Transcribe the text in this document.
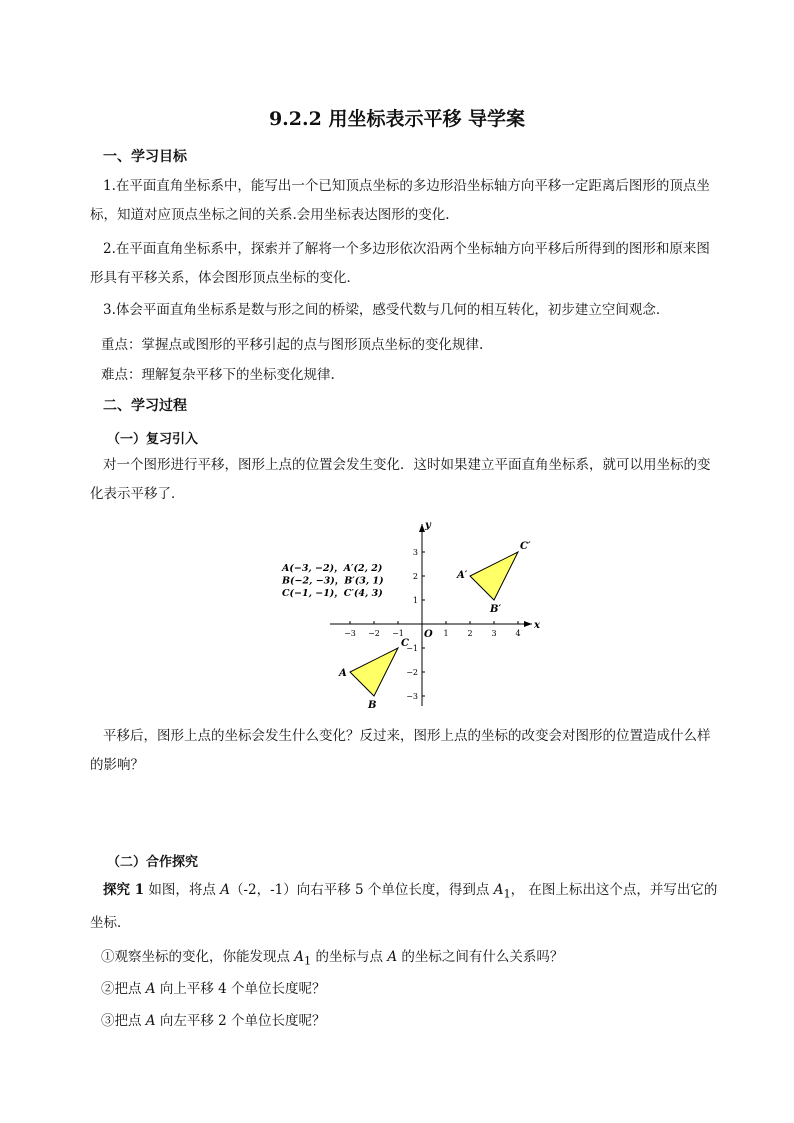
9.2.2 用坐标表示平移 导学案
一、学习目标
1.在平面直角坐标系中，能写出一个已知顶点坐标的多边形沿坐标轴方向平移一定距离后图形的顶点坐标，知道对应顶点坐标之间的关系.会用坐标表达图形的变化.
2.在平面直角坐标系中，探索并了解将一个多边形依次沿两个坐标轴方向平移后所得到的图形和原来图形具有平移关系，体会图形顶点坐标的变化．
3.体会平面直角坐标系是数与形之间的桥梁，感受代数与几何的相互转化，初步建立空间观念．
重点：掌握点或图形的平移引起的点与图形顶点坐标的变化规律.
难点：理解复杂平移下的坐标变化规律.
二、学习过程
（一）复习引入
对一个图形进行平移，图形上点的位置会发生变化．这时如果建立平面直角坐标系，就可以用坐标的变化表示平移了．
x
y
O
−3 −2 −1	1 2 3 4
−3
−2
−1
1
2
3
A
B
C
A′
B′
C′
A(−3, −2)，A′(2, 2)
B(−2, −3)，B′(3, 1)
C(−1, −1)，C′(4, 3)
平移后，图形上点的坐标会发生什么变化？反过来，图形上点的坐标的改变会对图形的位置造成什么样的影响？
（二）合作探究
探究 1 如图，将点 A（-2，-1）向右平移 5 个单位长度，得到点 $A_1$， 在图上标出这个点，并写出它的坐标．
①观察坐标的变化，你能发现点 $A_1$ 的坐标与点 A 的坐标之间有什么关系吗？
②把点 A 向上平移 4 个单位长度呢？
③把点 A 向左平移 2 个单位长度呢？
